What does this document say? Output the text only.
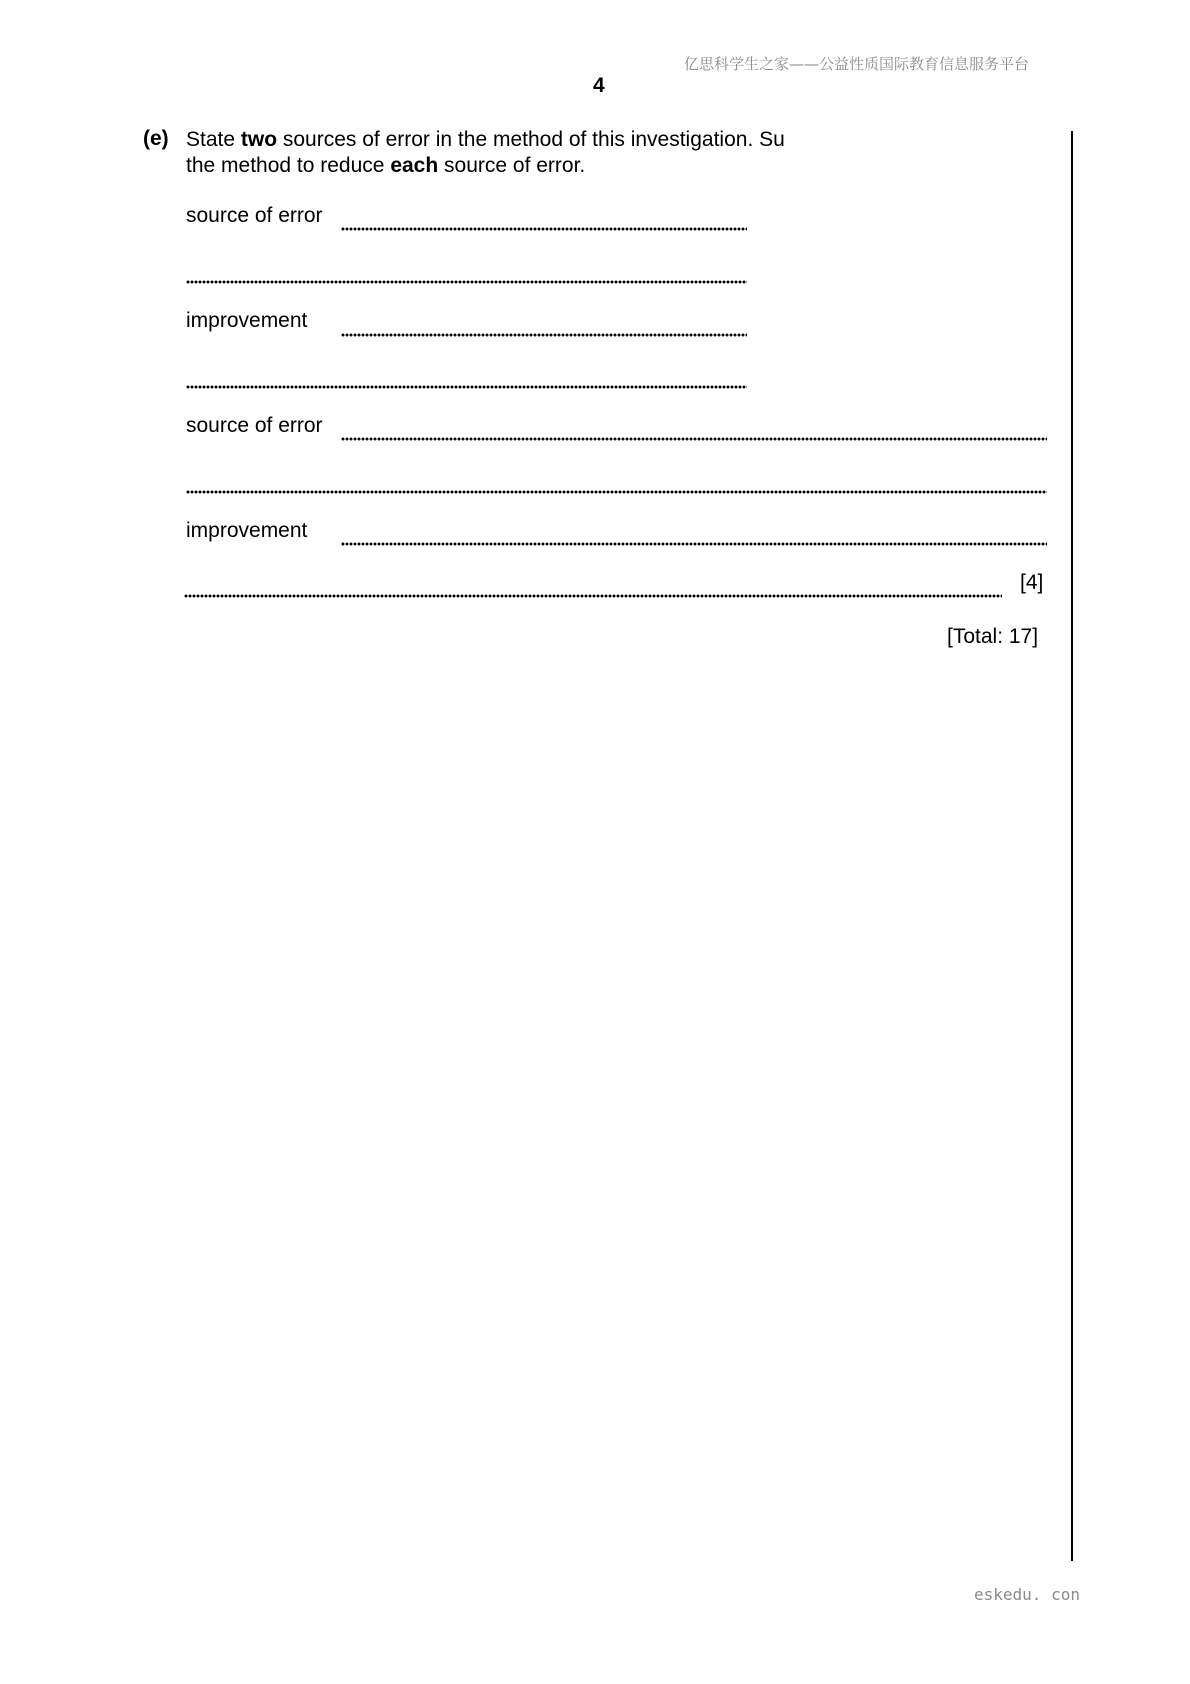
亿思科学生之家——公益性质国际教育信息服务平台
4
(e) State two sources of error in the method of this investigation. Su
the method to reduce each source of error.
source of error
improvement
source of error
improvement
[4]
[Total: 17]
eskedu. con
